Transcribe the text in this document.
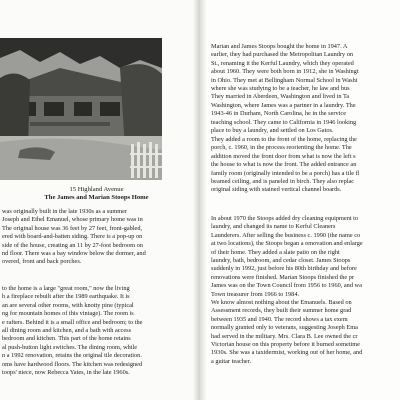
15 Highland Avenue
The James and Marian Stoops Home
was originally built in the late 1930s as a summer
Joseph and Ethel Emanuel, whose primary home was in
The original house was 36 feet by 27 feet, front-gabled,
ered with board-and-batten siding. There is a pop-up on
side of the house, creating an 11 by 27-foot bedroom on
nd floor. There was a bay window below the dormer, and
overed, front and back porches.
to the home is a large "great room," now the living
h a fireplace rebuilt after the 1989 earthquake. It is
an are several other rooms, with knotty pine (typical
ng for mountain homes of this vintage). The room is
e rafters. Behind it is a small office and bedroom; to the
all dining room and kitchen, and a bath with access
bedroom and kitchen. This part of the home retains
al push-button light switches. The dining room, while
n a 1992 renovation, retains the original tile decoration.
oms have hardwood floors. The kitchen was redesigned
toops' niece, now Rebecca Yates, in the late 1960s.
Marian and James Stoops bought the home in 1947. A
earlier, they had purchased the Metropolitan Laundry on
St., renaming it the Kerful Laundry, which they operated
about 1960. They were both born in 1912, she in Washingt
in Ohio. They met at Bellingham Normal School in Washi
where she was studying to be a teacher, he law and bus
They married in Aberdeen, Washington and lived in Ta
Washington, where James was a partner in a laundry. The
1943-46 in Durham, North Carolina, he in the service
teaching school. They came to California in 1946 looking
place to buy a laundry, and settled on Los Gatos.
They added a room to the front of the home, replacing the
porch, c. 1960, in the process reorienting the home. The
addition moved the front door from what is now the left s
the house to what is now the front. The added entrance an
family room (originally intended to be a porch) has a tile fl
beamed ceiling, and is paneled in birch. They also replac
original siding with stained vertical channel boards.
In about 1970 the Stoops added dry cleaning equipment to
laundry, and changed its name to Kerful Cleaners
Launderers. After selling the business c. 1990 (the name co
at two locations), the Stoops began a renovation and enlarge
of their home. They added a slate patio on the right
laundry, bath, bedroom, and cedar closet. James Stoops
suddenly in 1992, just before his 80th birthday and before
renovations were finished. Marian Stoops finished the pr
James was on the Town Council from 1956 to 1960, and wa
Town treasurer from 1966 to 1984.
We know almost nothing about the Emanuels. Based on
Assessment records, they built their summer home grad
between 1935 and 1940. The record shows a tax exem
normally granted only to veterans, suggesting Joseph Ema
had served in the military. Mrs. Clara B. Lee owned the cr
Victorian house on this property before it burned sometime
1930s. She was a taxidermist, working out of her home, and
a guitar teacher.
